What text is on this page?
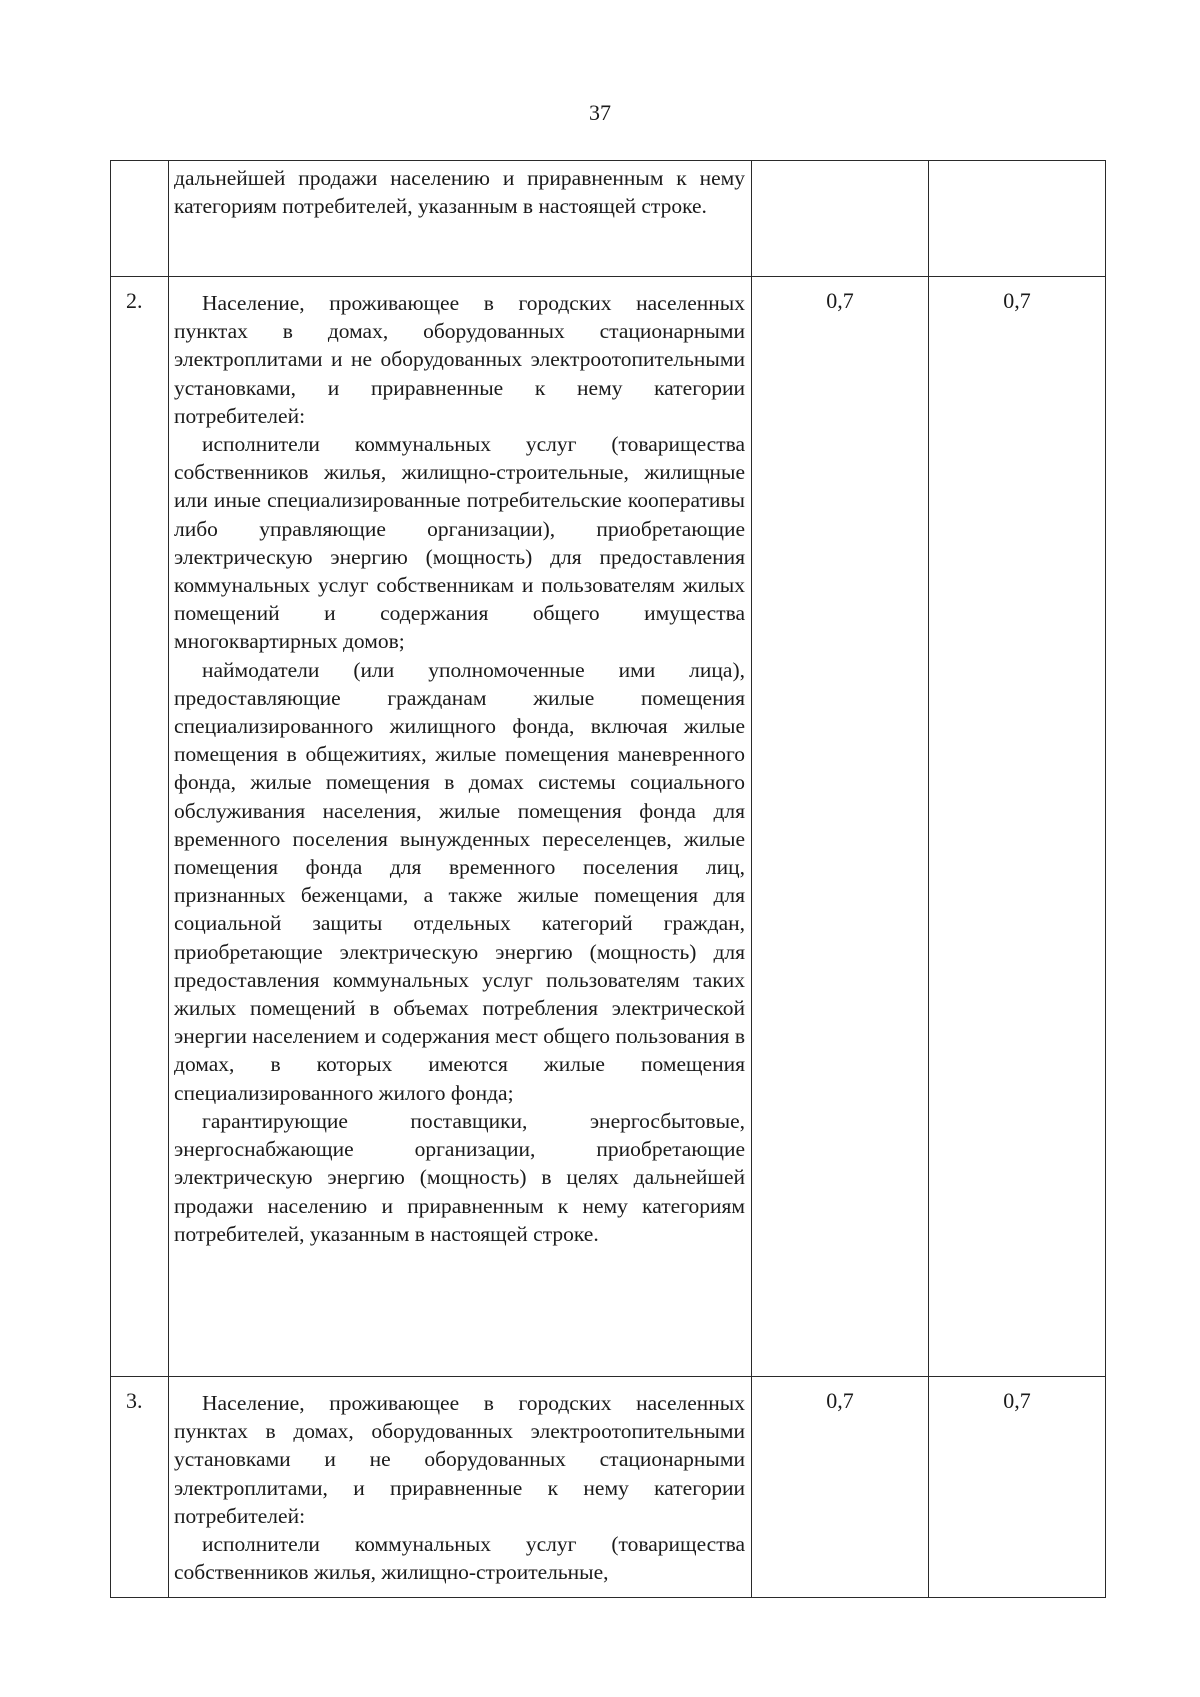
37

	дальнейшей продажи населению и приравненным к нему категориям потребителей, указанным в настоящей строке.		

2.	Население, проживающее в городских населенных пунктах в домах, оборудованных стационарными электроплитами и не оборудованных электроотопительными установками, и приравненные к нему категории потребителей:

исполнители коммунальных услуг (товарищества собственников жилья, жилищно-строительные, жилищные или иные специализированные потребительские кооперативы либо управляющие организации), приобретающие электрическую энергию (мощность) для предоставления коммунальных услуг собственникам и пользователям жилых помещений и содержания общего имущества многоквартирных домов;

наймодатели (или уполномоченные ими лица), предоставляющие гражданам жилые помещения специализированного жилищного фонда, включая жилые помещения в общежитиях, жилые помещения маневренного фонда, жилые помещения в домах системы социального обслуживания населения, жилые помещения фонда для временного поселения вынужденных переселенцев, жилые помещения фонда для временного поселения лиц, признанных беженцами, а также жилые помещения для социальной защиты отдельных категорий граждан, приобретающие электрическую энергию (мощность) для предоставления коммунальных услуг пользователям таких жилых помещений в объемах потребления электрической энергии населением и содержания мест общего пользования в домах, в которых имеются жилые помещения специализированного жилого фонда;

гарантирующие поставщики, энергосбытовые, энергоснабжающие организации, приобретающие электрическую энергию (мощность) в целях дальнейшей продажи населению и приравненным к нему категориям потребителей, указанным в настоящей строке.	0,7	0,7
3.	Население, проживающее в городских населенных пунктах в домах, оборудованных электроотопительными установками и не оборудованных стационарными электроплитами, и приравненные к нему категории потребителей:

исполнители коммунальных услуг (товарищества собственников жилья, жилищно-строительные,	0,7	0,7
